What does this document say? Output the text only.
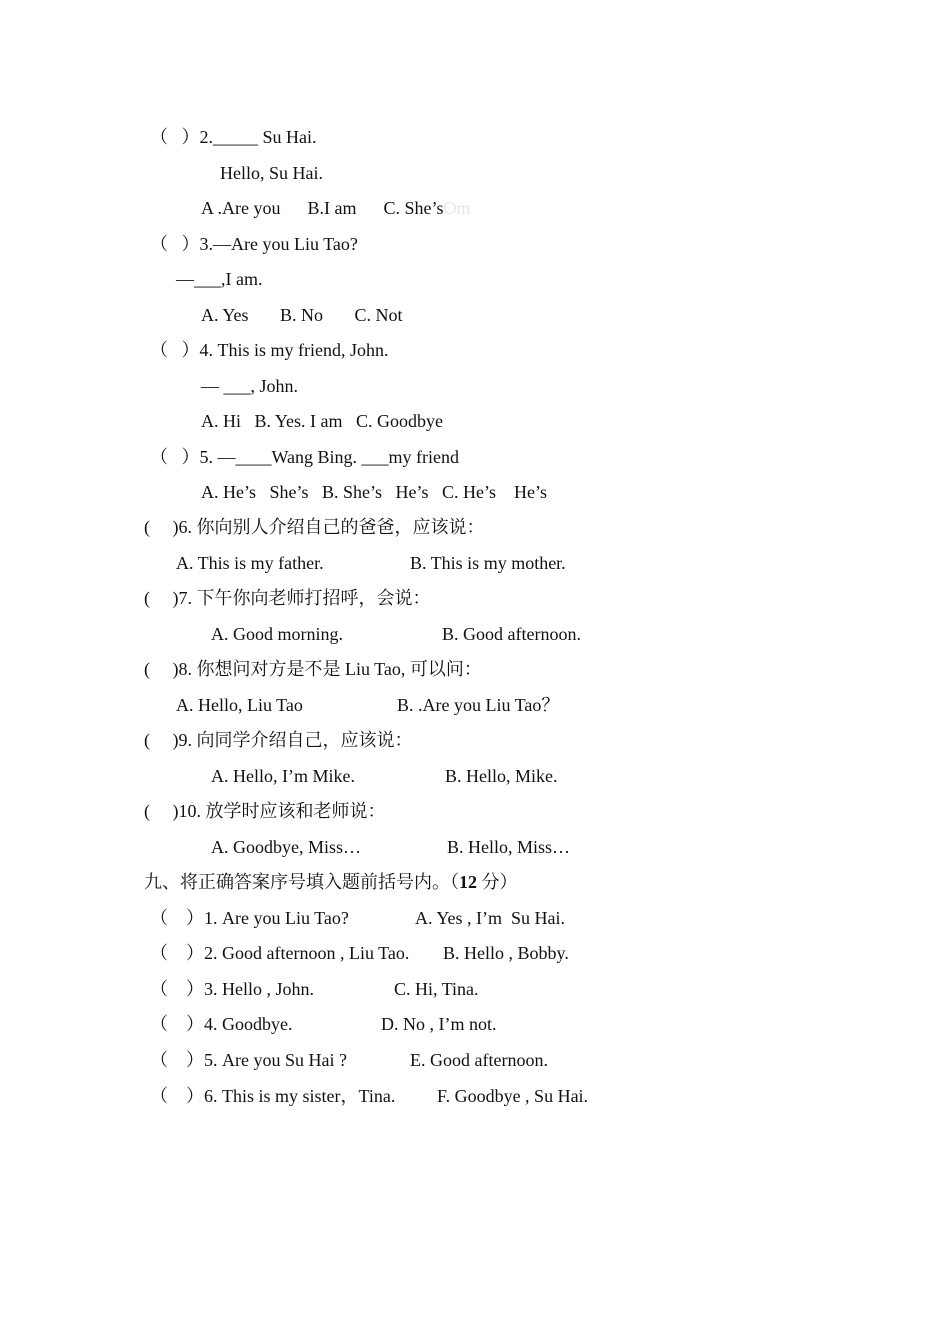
（   ）2._____ Su Hai.
Hello, Su Hai.
A .Are you      B.I am      C. She’sOm
（   ）3.—Are you Liu Tao?
—___,I am.
A. Yes       B. No       C. Not
（   ）4. This is my friend, John.
— ___, John.
A. Hi   B. Yes. I am   C. Goodbye
（   ）5. —____Wang Bing. ___my friend
A. He’s   She’s   B. She’s   He’s   C. He’s    He’s
(     )6. 你向别人介绍自己的爸爸，应该说：
A. This is my father.	B. This is my mother.
(     )7. 下午你向老师打招呼，会说：
A. Good morning.	B. Good afternoon.
(     )8. 你想问对方是不是 Liu Tao, 可以问：
A. Hello, Liu Tao	B. .Are you Liu Tao？
(     )9. 向同学介绍自己，应该说：
A. Hello, I’m Mike.	B. Hello, Mike.
(     )10. 放学时应该和老师说：
A. Goodbye, Miss…	B. Hello, Miss…
九、将正确答案序号填入题前括号内。（12 分）
（    ）1. Are you Liu Tao?	A. Yes , I’m  Su Hai.
（    ）2. Good afternoon , Liu Tao. B. Hello , Bobby.
（    ）3. Hello , John.	C. Hi, Tina.
（    ）4. Goodbye.	D. No , I’m not.
（    ）5. Are you Su Hai ?	E. Good afternoon.
（    ）6. This is my sister，Tina. F. Goodbye , Su Hai.
